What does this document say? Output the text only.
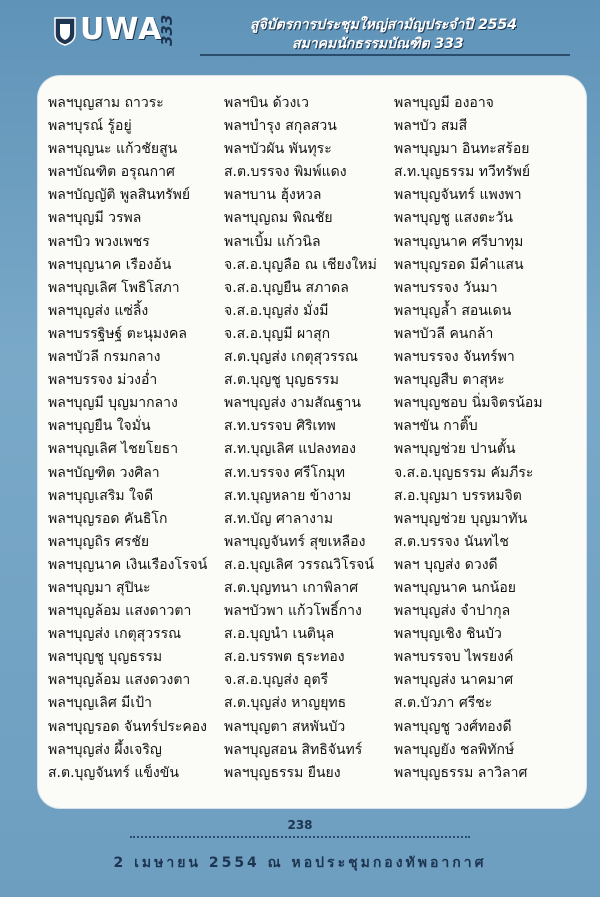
UWA
333	สูจิบัตรการประชุมใหญ่สามัญประจำปี 2554
สมาคมนักธรรมบัณฑิต 333
พลฯบุญสาม ถาวระ
พลฯบุรณ์ รู้อยู่
พลฯบุญนะ แก้วชัยสูน
พลฯบัณฑิต อรุณกาศ
พลฯบัญญัติ พูลสินทรัพย์
พลฯบุญมี วรพล
พลฯบิว พวงเพชร
พลฯบุญนาค เรืองอ้น
พลฯบุญเลิศ โพธิโสภา
พลฯบุญส่ง แซ่ลิ้ง
พลฯบรรฐิษฐ์ ตะนุมงคล
พลฯบัวลี กรมกลาง
พลฯบรรจง ม่วงอ่ำ
พลฯบุญมี บุญมากลาง
พลฯบุญยืน ใจมั่น
พลฯบุญเลิศ ไชยโยธา
พลฯบัญฑิต วงศิลา
พลฯบุญเสริม ใจดี
พลฯบุญรอด คันธิโก
พลฯบุญถิร ศรชัย
พลฯบุญนาค เงินเรืองโรจน์
พลฯบุญมา สุปินะ
พลฯบุญล้อม แสงดาวตา
พลฯบุญส่ง เกตุสุวรรณ
พลฯบุญชู บุญธรรม
พลฯบุญล้อม แสงดวงตา
พลฯบุญเลิศ มีเป้า
พลฯบุญรอด จันทร์ประคอง
พลฯบุญส่ง ผึ้งเจริญ
ส.ต.บุญจันทร์ แข็งขัน
พลฯบิน ด้วงเว
พลฯบำรุง สกุลสวน
พลฯบัวผัน พันทุระ
ส.ต.บรรจง พิมพ์แดง
พลฯบาน ฮุ้งหวล
พลฯบุญถม พิณชัย
พลฯเบิ้ม แก้วนิล
จ.ส.อ.บุญลือ ณ เชียงใหม่
จ.ส.อ.บุญยืน สภาดล
จ.ส.อ.บุญส่ง มั่งมี
จ.ส.อ.บุญมี ผาสุก
ส.ต.บุญส่ง เกตุสุวรรณ
ส.ต.บุญชู บุญธรรม
พลฯบุญส่ง งามสัณฐาน
ส.ท.บรรจบ ศิริเทพ
ส.ท.บุญเลิศ แปลงทอง
ส.ท.บรรจง ศรีโกมุท
ส.ท.บุญหลาย ข้างาม
ส.ท.บัญ ศาลางาม
พลฯบุญจันทร์ สุขเหลือง
ส.อ.บุญเลิศ วรรณวิโรจน์
ส.ต.บุญทนา เกาพิลาศ
พลฯบัวพา แก้วโพธิ์กาง
ส.อ.บุญนำ เนตินุล
ส.อ.บรรพต ธุระทอง
จ.ส.อ.บุญส่ง อุตรี
ส.ต.บุญส่ง หาญยุทธ
พลฯบุญตา สหพันบัว
พลฯบุญสอน สิทธิจันทร์
พลฯบุญธรรม ยืนยง
พลฯบุญมี องอาจ
พลฯบัว สมสี
พลฯบุญมา อินทะสร้อย
ส.ท.บุญธรรม ทวีทรัพย์
พลฯบุญจันทร์ แพงพา
พลฯบุญชู แสงตะวัน
พลฯบุญนาค ศรีบาทุม
พลฯบุญรอด มีคำแสน
พลฯบรรจง วันมา
พลฯบุญล้ำ สอนเดน
พลฯบัวลี คนกล้า
พลฯบรรจง จันทร์พา
พลฯบุญสืบ ตาสุหะ
พลฯบุญชอบ นิ่มจิตรน้อม
พลฯขัน กาติ๊บ
พลฯบุญช่วย ปานตั้น
จ.ส.อ.บุญธรรม คัมภีระ
ส.อ.บุญมา บรรหมจิต
พลฯบุญช่วย บุญมาทัน
ส.ต.บรรจง นันทไช
พลฯ บุญส่ง ดวงดี
พลฯบุญนาค นกน้อย
พลฯบุญส่ง จำปากุล
พลฯบุญเชิง ชินบัว
พลฯบรรจบ ไพรยงค์
พลฯบุญส่ง นาคมาศ
ส.ต.บัวภา ศรีชะ
พลฯบุญชู วงศ์ทองดี
พลฯบุญยัง ชลพิทักษ์
พลฯบุญธรรม ลาวิลาศ
238
2 เมษายน 2554 ณ หอประชุมกองทัพอากาศ
